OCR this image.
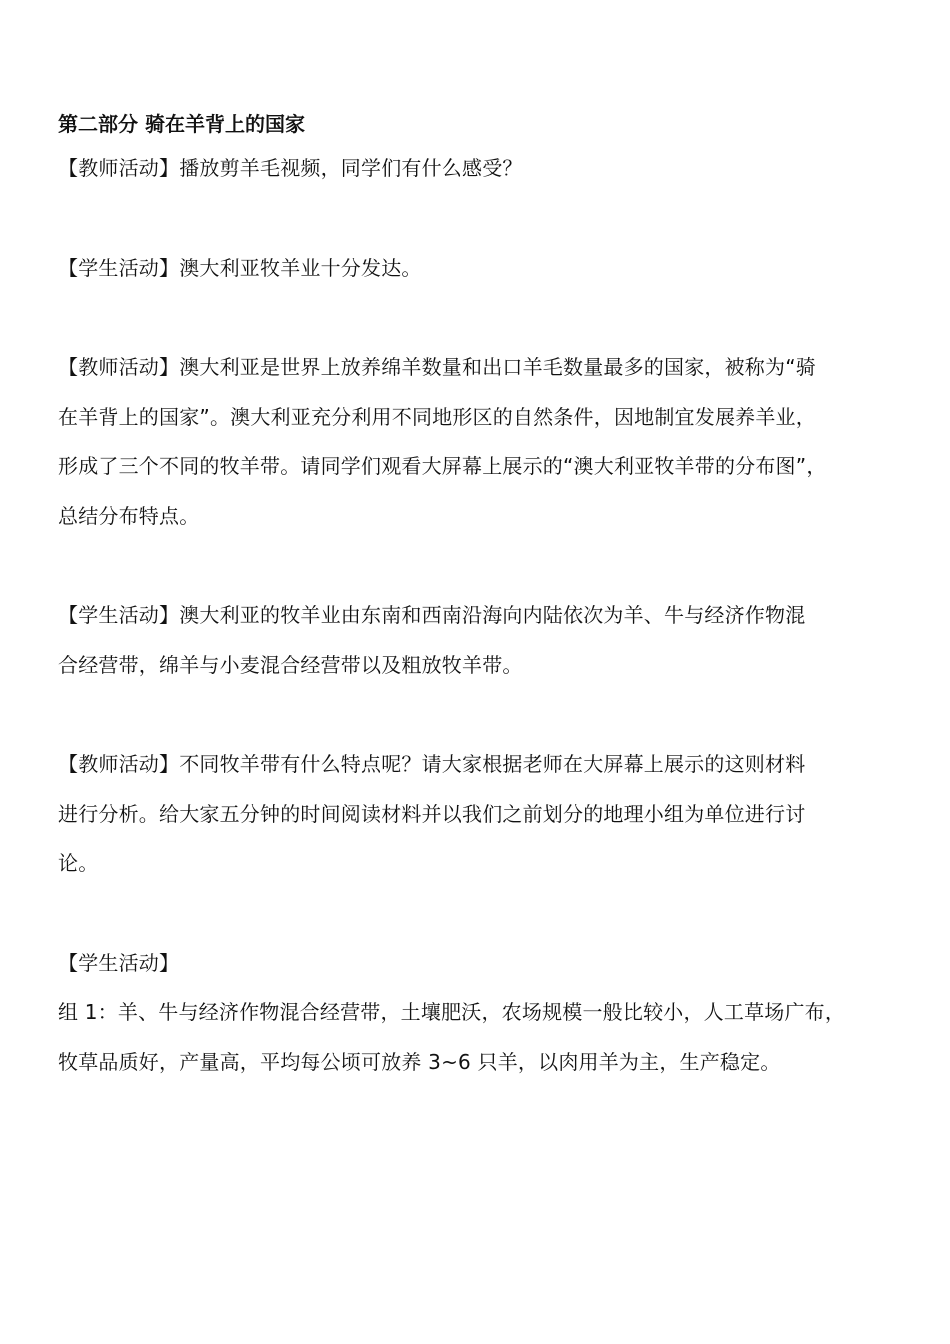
第二部分 骑在羊背上的国家

【教师活动】播放剪羊毛视频，同学们有什么感受？

【学生活动】澳大利亚牧羊业十分发达。

【教师活动】澳大利亚是世界上放养绵羊数量和出口羊毛数量最多的国家，被称为“骑
在羊背上的国家”。澳大利亚充分利用不同地形区的自然条件，因地制宜发展养羊业，
形成了三个不同的牧羊带。请同学们观看大屏幕上展示的“澳大利亚牧羊带的分布图”，
总结分布特点。

【学生活动】澳大利亚的牧羊业由东南和西南沿海向内陆依次为羊、牛与经济作物混
合经营带，绵羊与小麦混合经营带以及粗放牧羊带。

【教师活动】不同牧羊带有什么特点呢？请大家根据老师在大屏幕上展示的这则材料
进行分析。给大家五分钟的时间阅读材料并以我们之前划分的地理小组为单位进行讨
论。

【学生活动】
组 1：羊、牛与经济作物混合经营带，土壤肥沃，农场规模一般比较小，人工草场广布，
牧草品质好，产量高，平均每公顷可放养 3~6 只羊，以肉用羊为主，生产稳定。
